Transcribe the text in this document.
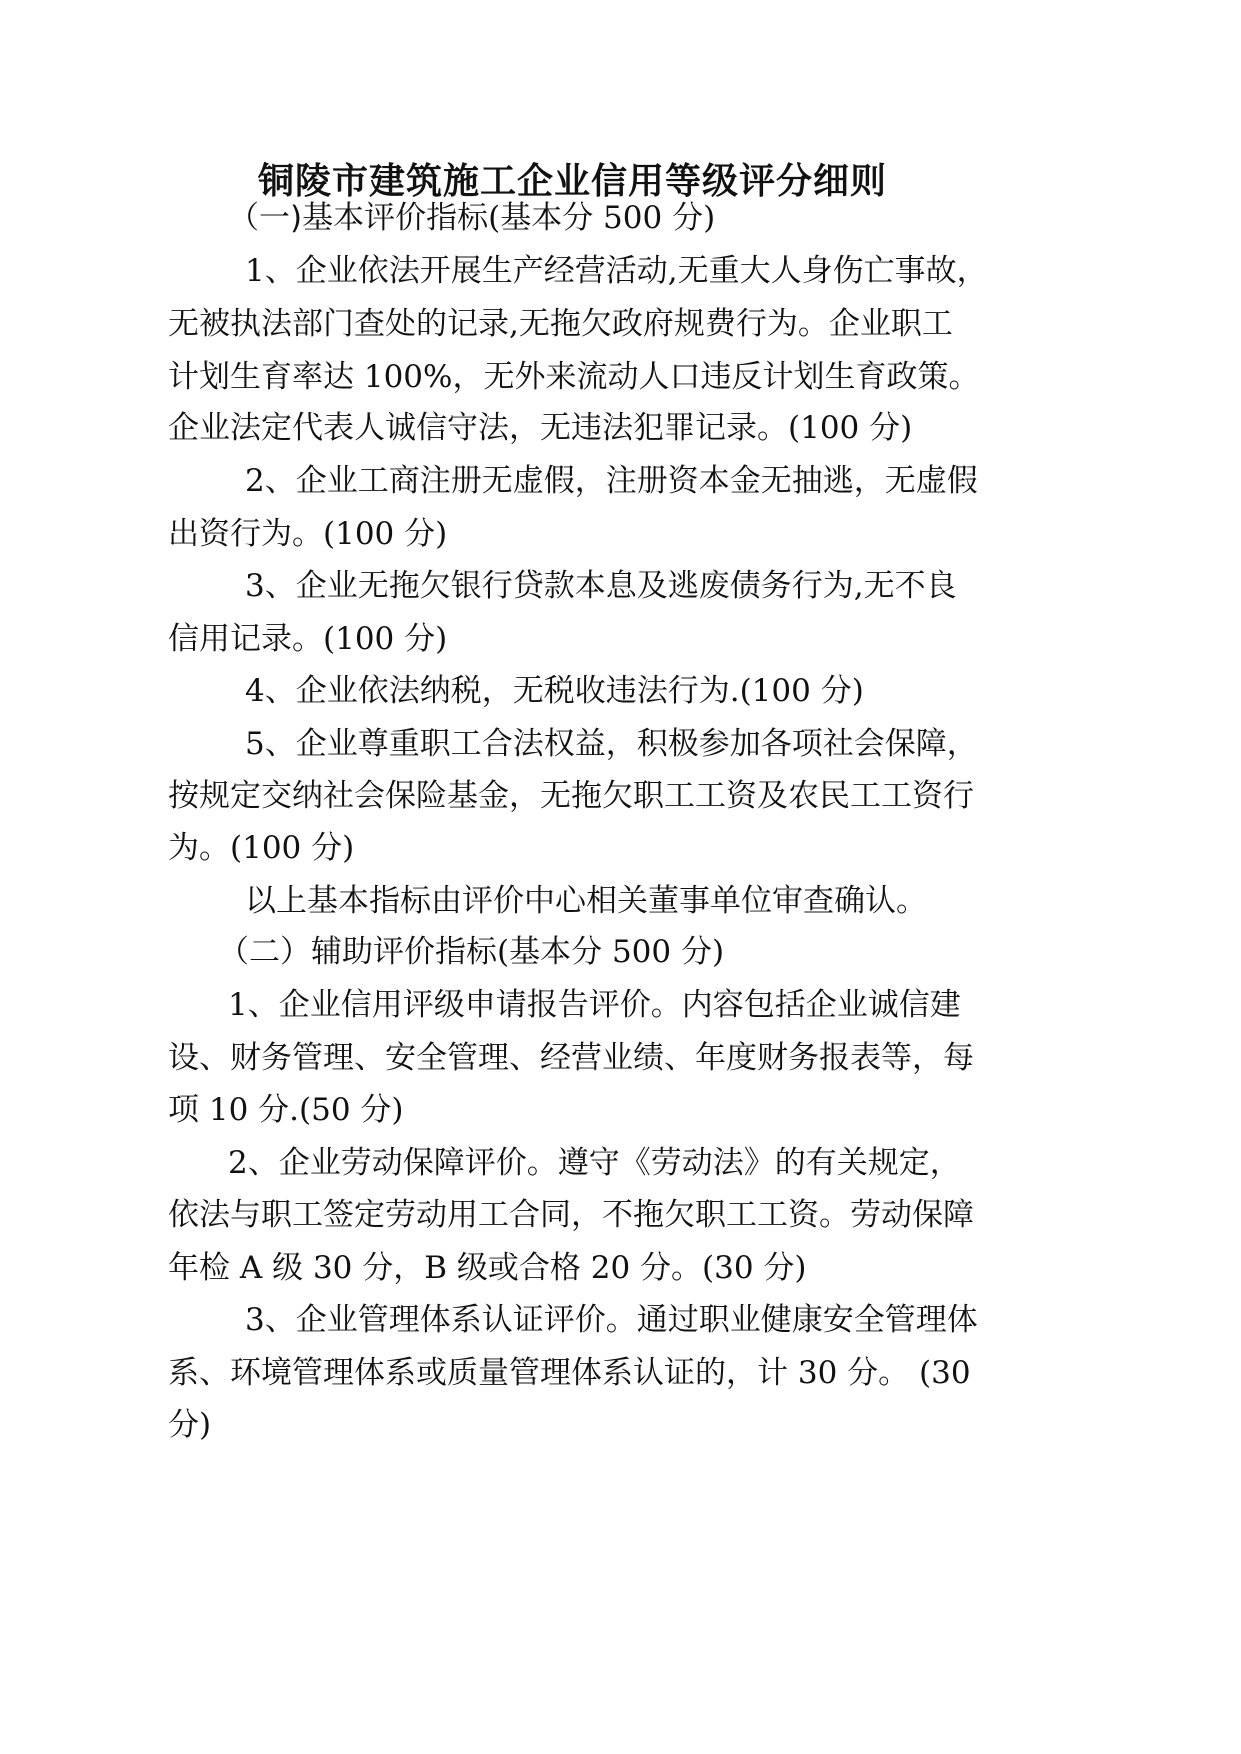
铜陵市建筑施工企业信用等级评分细则
（一)基本评价指标(基本分 500 分)
1、企业依法开展生产经营活动,无重大人身伤亡事故，
无被执法部门查处的记录,无拖欠政府规费行为。企业职工
计划生育率达 100%，无外来流动人口违反计划生育政策。
企业法定代表人诚信守法，无违法犯罪记录。(100 分)
2、企业工商注册无虚假，注册资本金无抽逃，无虚假
出资行为。(100 分)
3、企业无拖欠银行贷款本息及逃废债务行为,无不良
信用记录。(100 分)
4、企业依法纳税，无税收违法行为.(100 分)
5、企业尊重职工合法权益，积极参加各项社会保障，
按规定交纳社会保险基金，无拖欠职工工资及农民工工资行
为。(100 分)
以上基本指标由评价中心相关董事单位审查确认。
（二）辅助评价指标(基本分 500 分)
1、企业信用评级申请报告评价。内容包括企业诚信建
设、财务管理、安全管理、经营业绩、年度财务报表等，每
项 10 分.(50 分)
2、企业劳动保障评价。遵守《劳动法》的有关规定，
依法与职工签定劳动用工合同，不拖欠职工工资。劳动保障
年检 A 级 30 分，B 级或合格 20 分。(30 分)
3、企业管理体系认证评价。通过职业健康安全管理体
系、环境管理体系或质量管理体系认证的，计 30 分。 (30
分)
